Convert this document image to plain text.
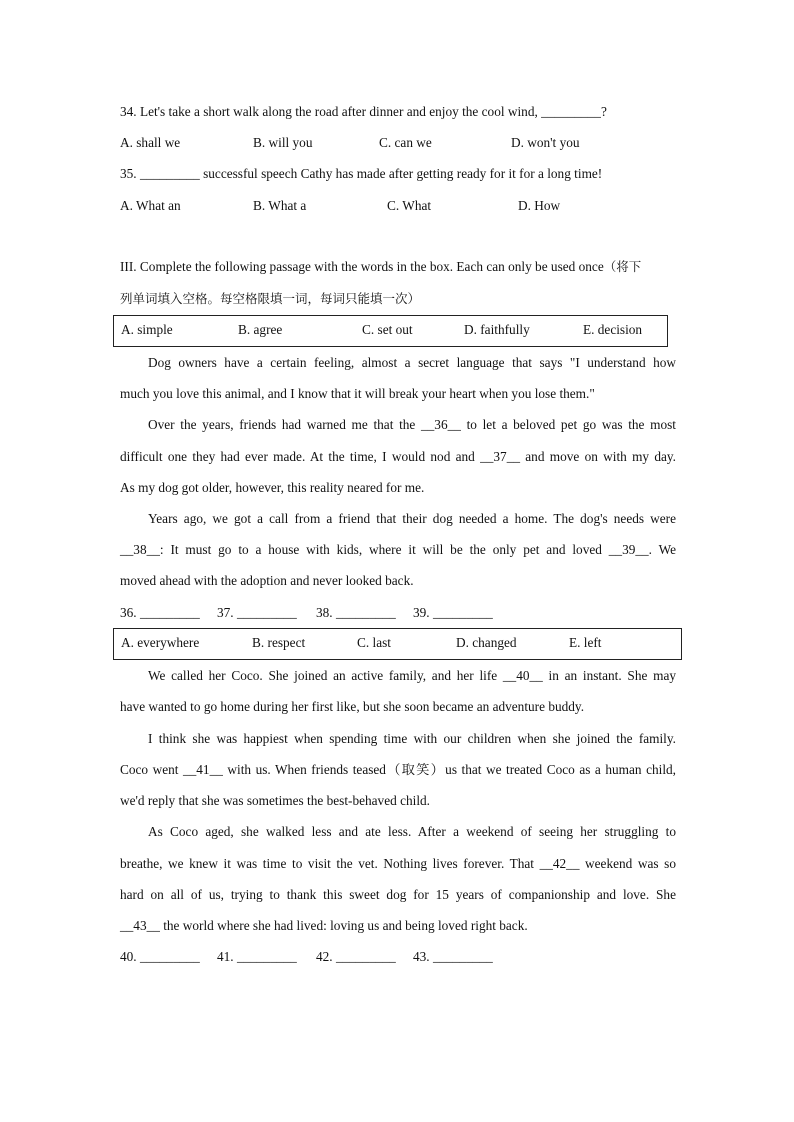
34. Let's take a short walk along the road after dinner and enjoy the cool wind, _________?
A. shall we	B. will you	C. can we	D. won't you
35. _________ successful speech Cathy has made after getting ready for it for a long time!
A. What an	B. What a	C. What	D. How
III. Complete the following passage with the words in the box. Each can only be used once（将下
列单词填入空格。每空格限填一词，每词只能填一次）
A. simple	B. agree	C. set out	D. faithfully	E. decision
Dog owners have a certain feeling, almost a secret language that says "I understand how
much you love this animal, and I know that it will break your heart when you lose them."
Over the years, friends had warned me that the __36__ to let a beloved pet go was the most
difficult one they had ever made. At the time, I would nod and __37__ and move on with my day.
As my dog got older, however, this reality neared for me.
Years ago, we got a call from a friend that their dog needed a home. The dog's needs were
__38__: It must go to a house with kids, where it will be the only pet and loved __39__. We
moved ahead with the adoption and never looked back.
36. _________ 37. _________ 38. _________ 39. _________
A. everywhere	B. respect	C. last	D. changed	E. left
We called her Coco. She joined an active family, and her life __40__ in an instant. She may
have wanted to go home during her first like, but she soon became an adventure buddy.
I think she was happiest when spending time with our children when she joined the family.
Coco went __41__ with us. When friends teased（取笑）us that we treated Coco as a human child,
we'd reply that she was sometimes the best-behaved child.
As Coco aged, she walked less and ate less. After a weekend of seeing her struggling to
breathe, we knew it was time to visit the vet. Nothing lives forever. That __42__ weekend was so
hard on all of us, trying to thank this sweet dog for 15 years of companionship and love. She
__43__ the world where she had lived: loving us and being loved right back.
40. _________ 41. _________ 42. _________ 43. _________
